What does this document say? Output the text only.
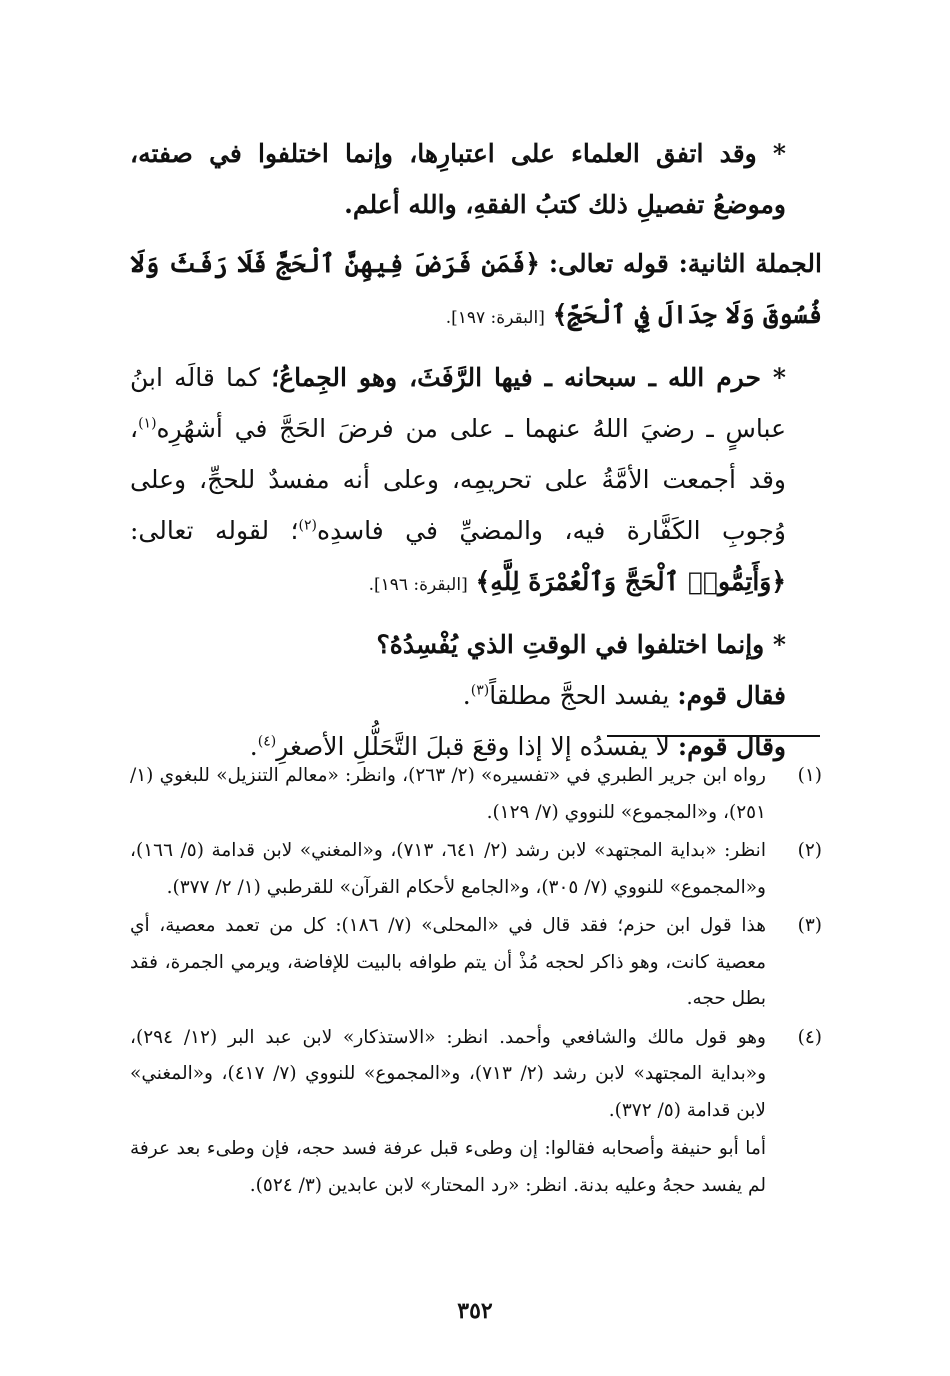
* وقد اتفق العلماء على اعتبارِها، وإنما اختلفوا في صفته، وموضعُ تفصيلِ ذلك كتبُ الفقهِ، والله أعلم.

الجملة الثانية: قوله تعالى: ﴿فَمَن فَرَضَ فِيهِنَّ ٱلْحَجَّ فَلَا رَفَثَ وَلَا فُسُوقَ وَلَا جِدَالَ فِي ٱلْحَجِّ﴾ [البقرة: ١٩٧].

* حرم الله ـ سبحانه ـ فيها الرَّفَثَ، وهو الجِماعُ؛ كما قالَه ابنُ عباسٍ ـ رضيَ اللهُ عنهما ـ على من فرضَ الحَجَّ في أشهُرِه$^{(١)}$، وقد أجمعت الأمَّةُ على تحريمِه، وعلى أنه مفسدٌ للحجِّ، وعلى وُجوبِ الكَفَّارة فيه، والمضيِّ في فاسدِه$^{(٢)}$؛ لقوله تعالى: ﴿وَأَتِمُّوا۟ ٱلْحَجَّ وَٱلْعُمْرَةَ لِلَّهِ﴾ [البقرة: ١٩٦].

* وإنما اختلفوا في الوقتِ الذي يُفْسِدُهُ؟

فقال قوم: يفسد الحجَّ مطلقاً$^{(٣)}$.

وقال قوم: لا يفسدُه إلا إذا وقعَ قبلَ التَّحَلُّلِ الأصغرِ$^{(٤)}$.

(١)
رواه ابن جرير الطبري في «تفسيره» (٢/ ٢٦٣)، وانظر: «معالم التنزيل» للبغوي (١/ ٢٥١)، و«المجموع» للنووي (٧/ ١٢٩).
(٢)
انظر: «بداية المجتهد» لابن رشد (٢/ ٦٤١، ٧١٣)، و«المغني» لابن قدامة (٥/ ١٦٦)، و«المجموع» للنووي (٧/ ٣٠٥)، و«الجامع لأحكام القرآن» للقرطبي (١/ ٢/ ٣٧٧).
(٣)
هذا قول ابن حزم؛ فقد قال في «المحلى» (٧/ ١٨٦): كل من تعمد معصية، أي معصية كانت، وهو ذاكر لحجه مُذْ أن يتم طوافه بالبيت للإفاضة، ويرمي الجمرة، فقد بطل حجه.
(٤)
وهو قول مالك والشافعي وأحمد. انظر: «الاستذكار» لابن عبد البر (١٢/ ٢٩٤)، و«بداية المجتهد» لابن رشد (٢/ ٧١٣)، و«المجموع» للنووي (٧/ ٤١٧)، و«المغني» لابن قدامة (٥/ ٣٧٢).
أما أبو حنيفة وأصحابه فقالوا: إن وطىء قبل عرفة فسد حجه، فإن وطىء بعد عرفة لم يفسد حجهُ وعليه بدنة. انظر: «رد المحتار» لابن عابدين (٣/ ٥٢٤).
٣٥٢
